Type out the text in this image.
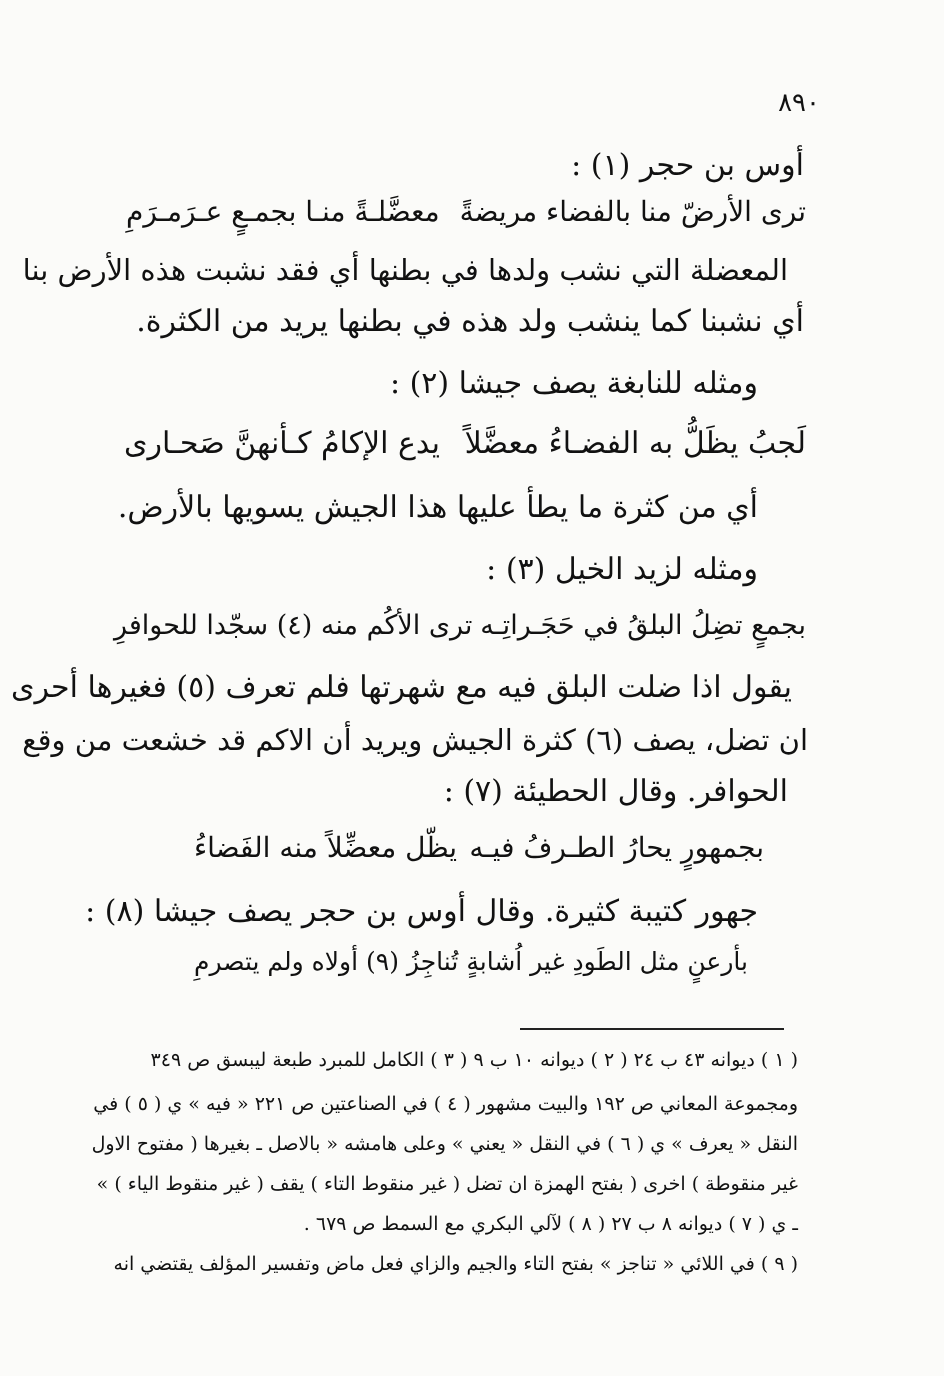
٨٩٠
أوس بن حجر (١) :
ترى الأرضّ منا بالفضاء مريضةً
معضَّلـةً منـا بجمـعٍ عـرَمـرَمِ
المعضلة التي نشب ولدها في بطنها أي فقد نشبت هذه الأرض بنا
أي نشبنا كما ينشب ولد هذه في بطنها يريد من الكثرة.
ومثله للنابغة يصف جيشا (٢) :
لَجبُ يظَلُّ به الفضـاءُ معضَّلاً
يدع الإكامُ كـأنهنَّ صَحـارى
أي من كثرة ما يطأ عليها هذا الجيش يسويها بالأرض.
ومثله لزيد الخيل (٣) :
بجمعٍ تضِلُ البلقُ في حَجَـراتِـه
ترى الأكُم منه (٤) سجّدا للحوافرِ
يقول اذا ضلت البلق فيه مع شهرتها فلم تعرف (٥) فغيرها أحرى
ان تضل، يصف (٦) كثرة الجيش ويريد أن الاكم قد خشعت من وقع
الحوافر. وقال الحطيئة (٧) :
بجمهورٍ يحارُ الطـرفُ فيـه
يظّل معضِّلاً منه الفَضاءُ
جهور كتيبة كثيرة. وقال أوس بن حجر يصف جيشا (٨) :
بأرعنٍ مثل الطَودِ غير اُشابةٍ
تُناجِزُ (٩) أولاه ولم يتصرمِ
( ١ ) ديوانه ٤٣ ب ٢٤ ( ٢ ) ديوانه ١٠ ب ٩ ( ٣ ) الكامل للمبرد طبعة ليبسق ص ٣٤٩
ومجموعة المعاني ص ١٩٢ والبيت مشهور ( ٤ ) في الصناعتين ص ٢٢١ « فيه » ي ( ٥ ) في
النقل « يعرف » ي ( ٦ ) في النقل « يعني » وعلى هامشه « بالاصل ـ بغيرها ( مفتوح الاول
غير منقوطة ) اخرى ( بفتح الهمزة ان تضل ( غير منقوط التاء ) يقف ( غير منقوط الياء ) »
ـ ي ( ٧ ) ديوانه ٨ ب ٢٧ ( ٨ ) لآلي البكري مع السمط ص ٦٧٩ .
( ٩ ) في اللائي « تناجز » بفتح التاء والجيم والزاي فعل ماض وتفسير المؤلف يقتضي انه
